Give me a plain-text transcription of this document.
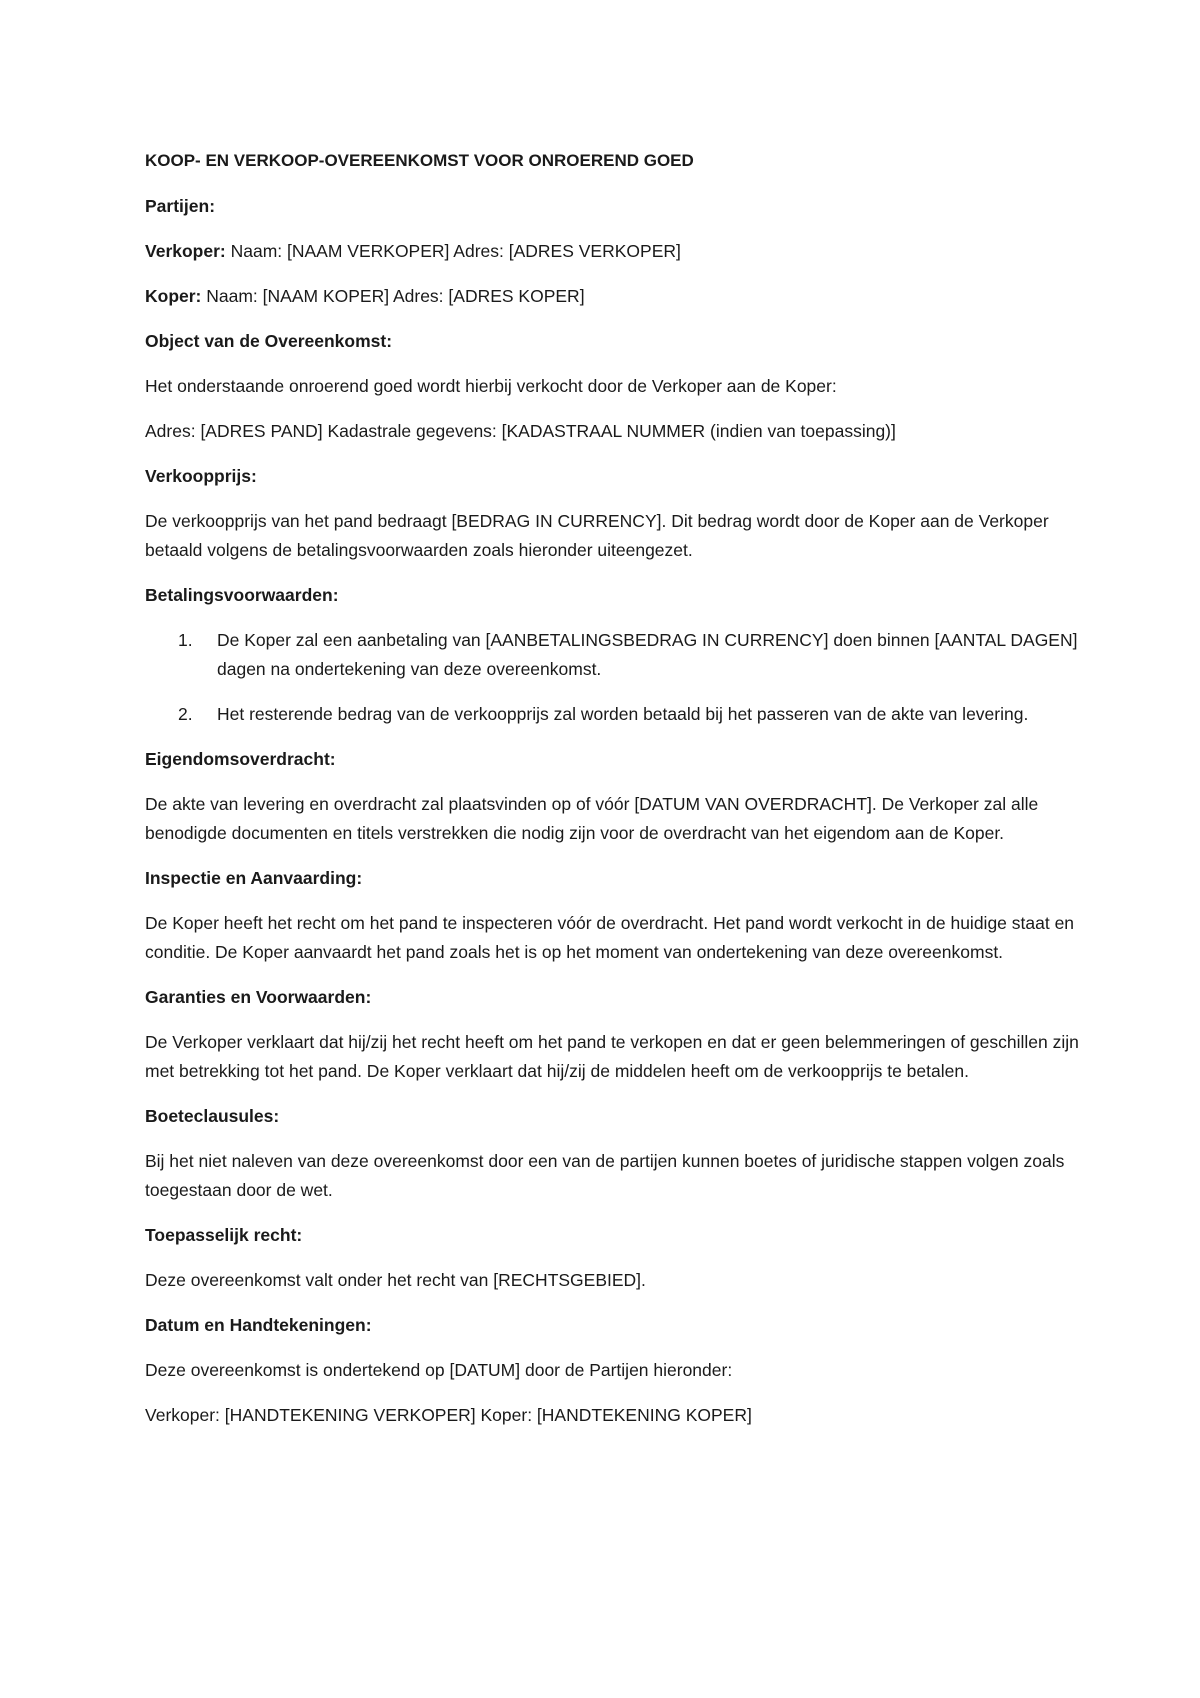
KOOP- EN VERKOOP-OVEREENKOMST VOOR ONROEREND GOED
Partijen:
Verkoper: Naam: [NAAM VERKOPER] Adres: [ADRES VERKOPER]
Koper: Naam: [NAAM KOPER] Adres: [ADRES KOPER]
Object van de Overeenkomst:
Het onderstaande onroerend goed wordt hierbij verkocht door de Verkoper aan de Koper:
Adres: [ADRES PAND] Kadastrale gegevens: [KADASTRAAL NUMMER (indien van toepassing)]
Verkoopprijs:
De verkoopprijs van het pand bedraagt [BEDRAG IN CURRENCY]. Dit bedrag wordt door de Koper aan de Verkoper betaald volgens de betalingsvoorwaarden zoals hieronder uiteengezet.
Betalingsvoorwaarden:
1. De Koper zal een aanbetaling van [AANBETALINGSBEDRAG IN CURRENCY] doen binnen [AANTAL DAGEN] dagen na ondertekening van deze overeenkomst.
2. Het resterende bedrag van de verkoopprijs zal worden betaald bij het passeren van de akte van levering.
Eigendomsoverdracht:
De akte van levering en overdracht zal plaatsvinden op of vóór [DATUM VAN OVERDRACHT]. De Verkoper zal alle benodigde documenten en titels verstrekken die nodig zijn voor de overdracht van het eigendom aan de Koper.
Inspectie en Aanvaarding:
De Koper heeft het recht om het pand te inspecteren vóór de overdracht. Het pand wordt verkocht in de huidige staat en conditie. De Koper aanvaardt het pand zoals het is op het moment van ondertekening van deze overeenkomst.
Garanties en Voorwaarden:
De Verkoper verklaart dat hij/zij het recht heeft om het pand te verkopen en dat er geen belemmeringen of geschillen zijn met betrekking tot het pand. De Koper verklaart dat hij/zij de middelen heeft om de verkoopprijs te betalen.
Boeteclausules:
Bij het niet naleven van deze overeenkomst door een van de partijen kunnen boetes of juridische stappen volgen zoals toegestaan door de wet.
Toepasselijk recht:
Deze overeenkomst valt onder het recht van [RECHTSGEBIED].
Datum en Handtekeningen:
Deze overeenkomst is ondertekend op [DATUM] door de Partijen hieronder:
Verkoper: [HANDTEKENING VERKOPER] Koper: [HANDTEKENING KOPER]
